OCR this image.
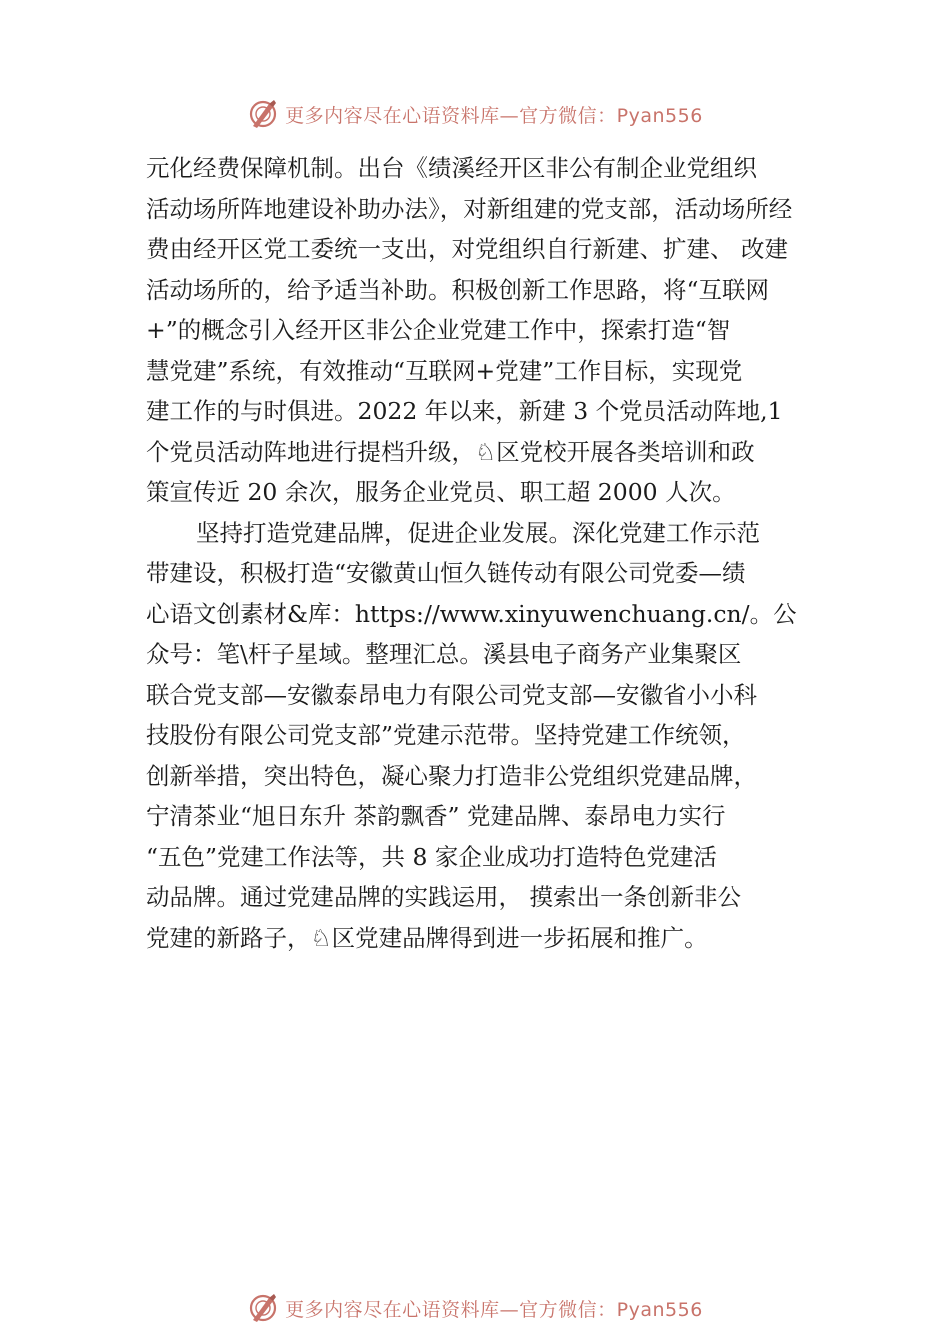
更多内容尽在心语资料库—官方微信：Pyan556
元化经费保障机制。出台《绩溪经开区非公有制企业党组织
活动场所阵地建设补助办法》，对新组建的党支部，活动场所经
费由经开区党工委统一支出，对党组织自行新建、扩建、 改建
活动场所的，给予适当补助。积极创新工作思路，将“互联网
+”的概念引入经开区非公企业党建工作中，探索打造“智
慧党建”系统，有效推动“互联网+党建”工作目标，实现党
建工作的与时俱进。2022 年以来，新建 3 个党员活动阵地,1
个党员活动阵地进行提档升级，♘区党校开展各类培训和政
策宣传近 20 余次，服务企业党员、职工超 2000 人次。
坚持打造党建品牌，促进企业发展。深化党建工作示范
带建设，积极打造“安徽黄山恒久链传动有限公司党委—绩
心语文创素材&库：https://www.xinyuwenchuang.cn/。公
众号：笔\杆子星域。整理汇总。溪县电子商务产业集聚区
联合党支部—安徽泰昂电力有限公司党支部—安徽省小小科
技股份有限公司党支部”党建示范带。坚持党建工作统领，
创新举措，突出特色，凝心聚力打造非公党组织党建品牌，
宁清茶业“旭日东升 茶韵飘香” 党建品牌、泰昂电力实行
“五色”党建工作法等，共 8 家企业成功打造特色党建活
动品牌。通过党建品牌的实践运用， 摸索出一条创新非公
党建的新路子，♘区党建品牌得到进一步拓展和推广。
更多内容尽在心语资料库—官方微信：Pyan556
